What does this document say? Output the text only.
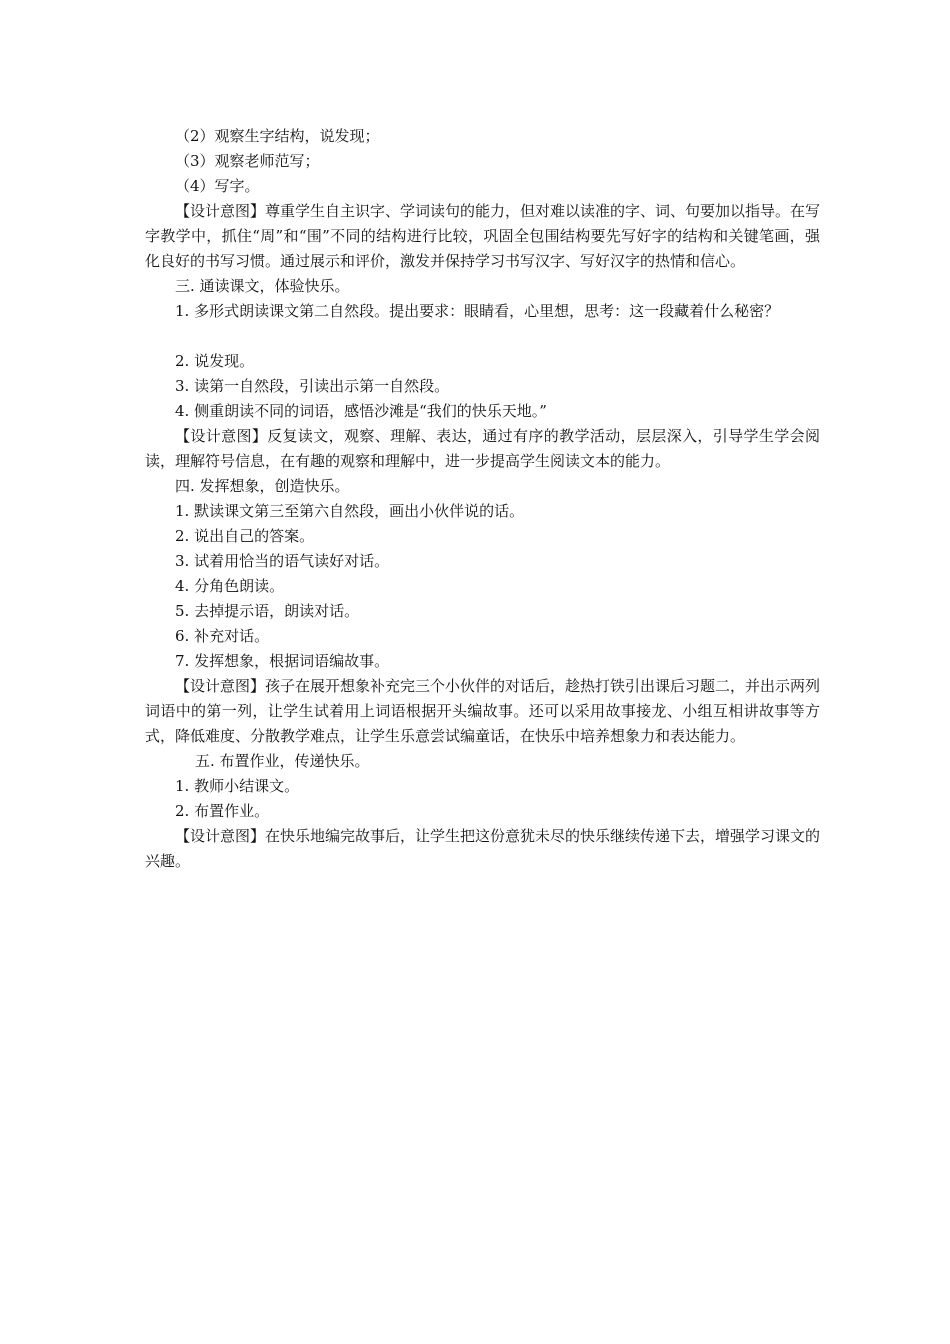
（2）观察生字结构，说发现；

（3）观察老师范写；

（4）写字。

【设计意图】尊重学生自主识字、学词读句的能力，但对难以读准的字、词、句要加以指导。在写字教学中，抓住“周”和“围”不同的结构进行比较，巩固全包围结构要先写好字的结构和关键笔画，强化良好的书写习惯。通过展示和评价，激发并保持学习书写汉字、写好汉字的热情和信心。

三. 通读课文，体验快乐。

1. 多形式朗读课文第二自然段。提出要求：眼睛看，心里想，思考：这一段藏着什么秘密？

2. 说发现。

3. 读第一自然段，引读出示第一自然段。

4. 侧重朗读不同的词语，感悟沙滩是“我们的快乐天地。”

【设计意图】反复读文，观察、理解、表达，通过有序的教学活动，层层深入，引导学生学会阅读，理解符号信息，在有趣的观察和理解中，进一步提高学生阅读文本的能力。

四. 发挥想象，创造快乐。

1. 默读课文第三至第六自然段，画出小伙伴说的话。

2. 说出自己的答案。

3. 试着用恰当的语气读好对话。

4. 分角色朗读。

5. 去掉提示语，朗读对话。

6. 补充对话。

7. 发挥想象，根据词语编故事。

【设计意图】孩子在展开想象补充完三个小伙伴的对话后，趁热打铁引出课后习题二，并出示两列词语中的第一列，让学生试着用上词语根据开头编故事。还可以采用故事接龙、小组互相讲故事等方式，降低难度、分散教学难点，让学生乐意尝试编童话，在快乐中培养想象力和表达能力。

五. 布置作业，传递快乐。

1. 教师小结课文。

2. 布置作业。

【设计意图】在快乐地编完故事后，让学生把这份意犹未尽的快乐继续传递下去，增强学习课文的兴趣。
